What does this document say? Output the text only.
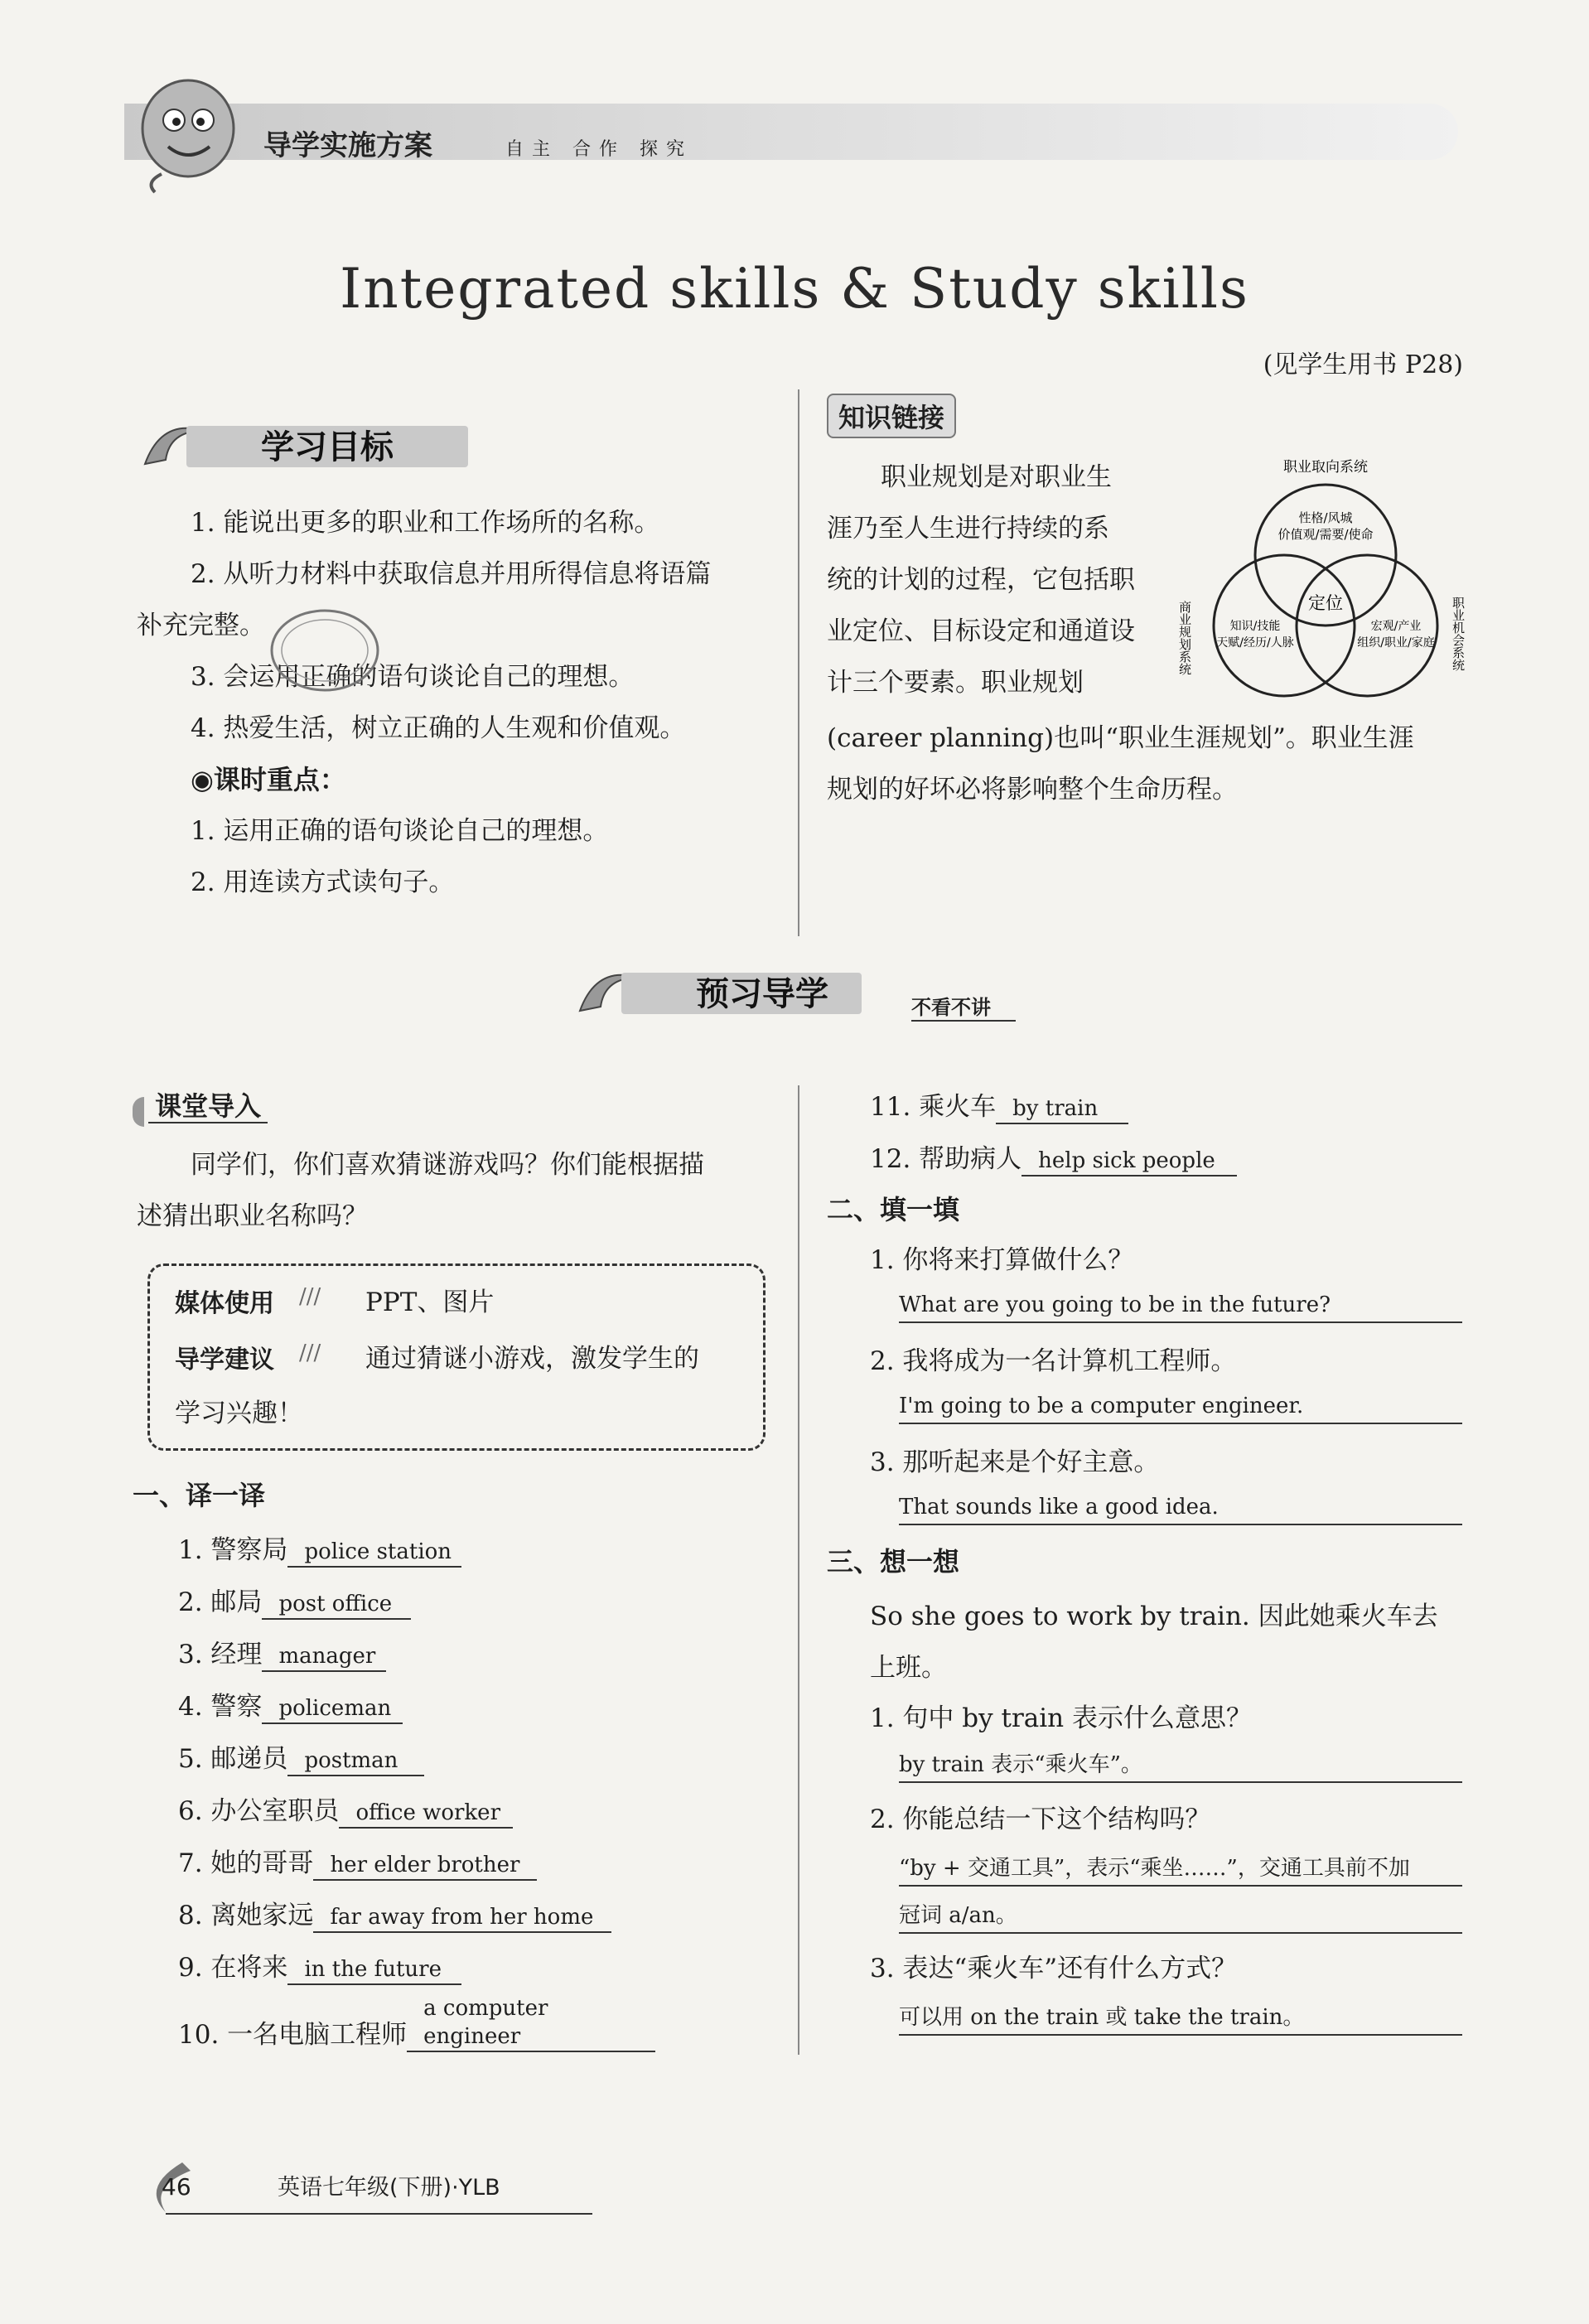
导学实施方案	自主 合作 探究
Integrated skills & Study skills
(见学生用书 P28)
学习目标
1. 能说出更多的职业和工作场所的名称。
2. 从听力材料中获取信息并用所得信息将语篇
补充完整。
3. 会运用正确的语句谈论自己的理想。
4. 热爱生活，树立正确的人生观和价值观。
◉课时重点：
1. 运用正确的语句谈论自己的理想。
2. 用连读方式读句子。
知识链接
职业规划是对职业生
涯乃至人生进行持续的系
统的计划的过程，它包括职
业定位、目标设定和通道设
计三个要素。职业规划
(career planning)也叫“职业生涯规划”。职业生涯
规划的好坏必将影响整个生命历程。
职业取向系统
性格/风城
价值观/需要/使命
定位
知识/技能
天赋/经历/人脉
宏观/产业
组织/职业/家庭
商业规划系统	职业机会系统
预习导学	不看不讲
课堂导入
同学们，你们喜欢猜谜游戏吗？你们能根据描
述猜出职业名称吗？
媒体使用 /// PPT、图片
导学建议 /// 通过猜谜小游戏，激发学生的
学习兴趣！
一、译一译
1. 警察局 police station
2. 邮局 post office
3. 经理 manager
4. 警察 policeman
5. 邮递员 postman
6. 办公室职员 office worker
7. 她的哥哥 her elder brother
8. 离她家远 far away from her home
9. 在将来 in the future
10. 一名电脑工程师a computer engineer
11. 乘火车 by train
12. 帮助病人 help sick people
二、填一填
1. 你将来打算做什么？
What are you going to be in the future?
2. 我将成为一名计算机工程师。
I'm going to be a computer engineer.
3. 那听起来是个好主意。
That sounds like a good idea.
三、想一想
So she goes to work by train. 因此她乘火车去
上班。
1. 句中 by train 表示什么意思？
by train 表示“乘火车”。
2. 你能总结一下这个结构吗？
“by + 交通工具”，表示“乘坐……”，交通工具前不加
冠词 a/an。
3. 表达“乘火车”还有什么方式？
可以用 on the train 或 take the train。
46	英语七年级(下册)·YLB
